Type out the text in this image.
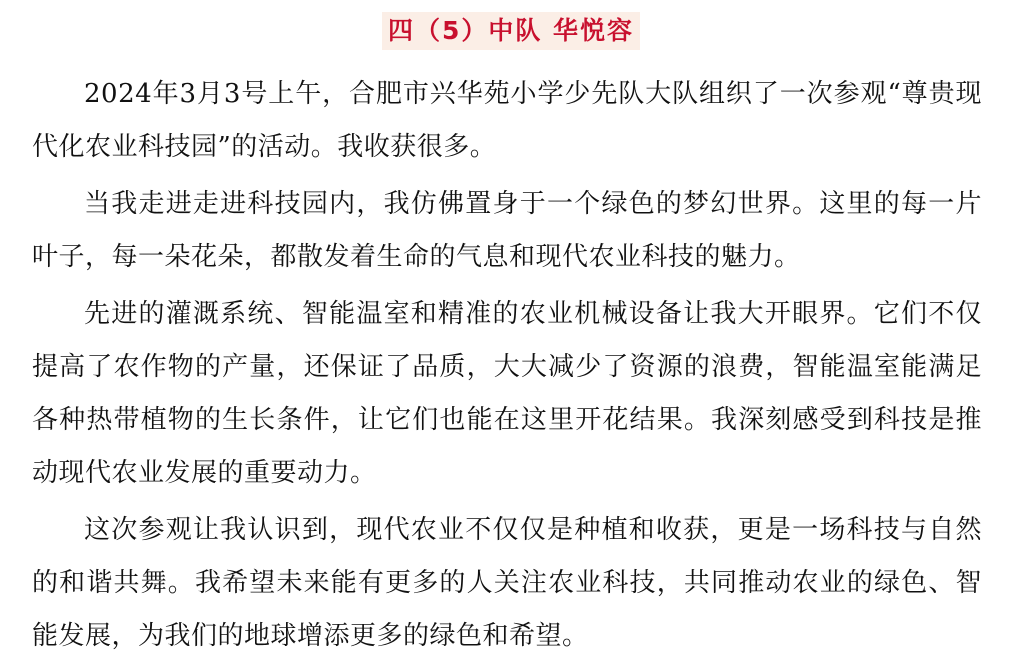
四（5）中队 华悦容

2024年3月3号上午，合肥市兴华苑小学少先队大队组织了一次参观“尊贵现代化农业科技园”的活动。我收获很多。

当我走进走进科技园内，我仿佛置身于一个绿色的梦幻世界。这里的每一片叶子，每一朵花朵，都散发着生命的气息和现代农业科技的魅力。

先进的灌溉系统、智能温室和精准的农业机械设备让我大开眼界。它们不仅提高了农作物的产量，还保证了品质，大大减少了资源的浪费，智能温室能满足各种热带植物的生长条件，让它们也能在这里开花结果。我深刻感受到科技是推动现代农业发展的重要动力。

这次参观让我认识到，现代农业不仅仅是种植和收获，更是一场科技与自然的和谐共舞。我希望未来能有更多的人关注农业科技，共同推动农业的绿色、智能发展，为我们的地球增添更多的绿色和希望。
